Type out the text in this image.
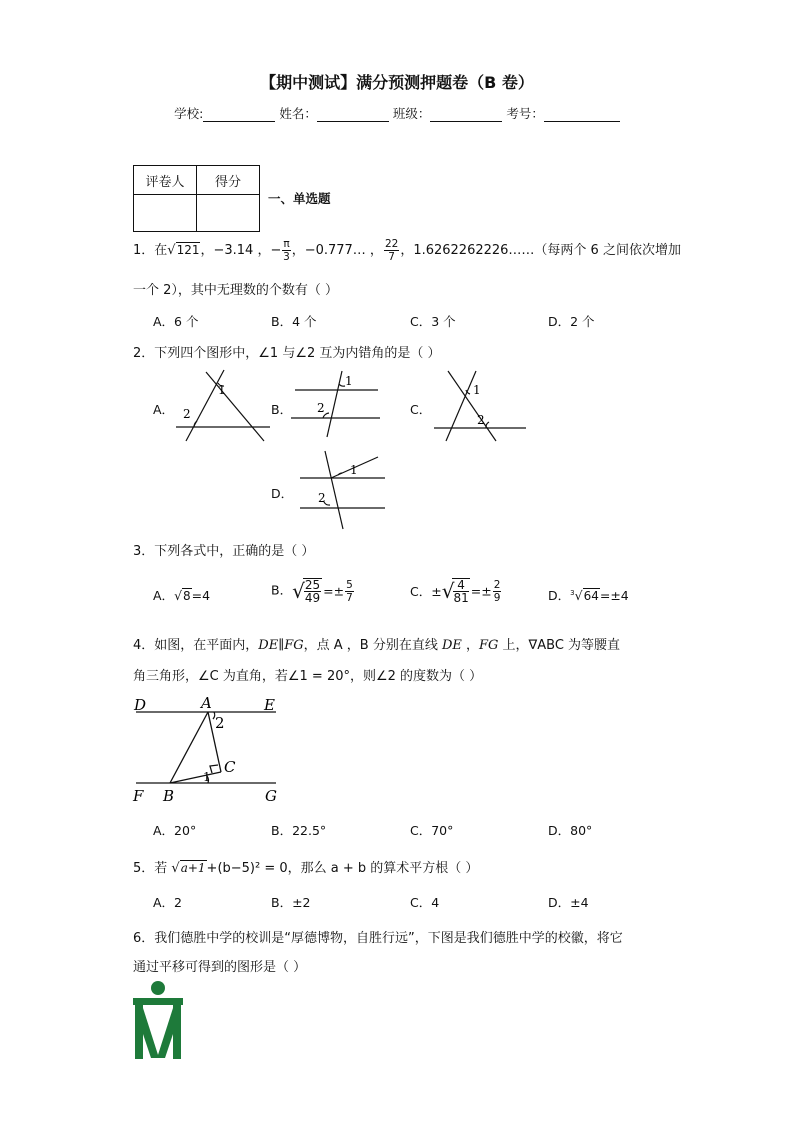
【期中测试】满分预测押题卷（B 卷）
学校:	姓名：	班级：	考号：
评卷人	得分

一、单选题
1．在√121，−3.14 ，− $\frac{\pi}{3}$ ，−0.777… ， $\frac{22}{7}$ ，1.6262262226……（每两个 6 之间依次增加
一个 2），其中无理数的个数有（ ）
A．6 个	B．4 个	C．3 个	D．2 个
2．下列四个图形中，∠1 与∠2 互为内错角的是（ ）
A．	B．	C．
D．
1
2
1
2
1
2
1
2
3．下列各式中，正确的是（ ）
A．√8=4	B．√
$\frac{25}{49} =\pm \frac{5}{7}$	C．±√
$\frac{4}{81} =\pm \frac{2}{9}$	D．$^3$√64=±4
4．如图，在平面内，DE∥FG，点 A ，B 分别在直线 DE ，FG 上，∇ABC 为等腰直
角三角形，∠C 为直角，若∠1 = 20°，则∠2 的度数为（ ）
D	A	E
2
C
1
F B	G
A．20°	B．22.5°	C．70°	D．80°
5．若 √a+1+(b−5)² = 0，那么 a + b 的算术平方根（ ）
A．2	B．±2	C．4	D．±4
6．我们德胜中学的校训是“厚德博物，自胜行远”，下图是我们德胜中学的校徽，将它
通过平移可得到的图形是（ ）
